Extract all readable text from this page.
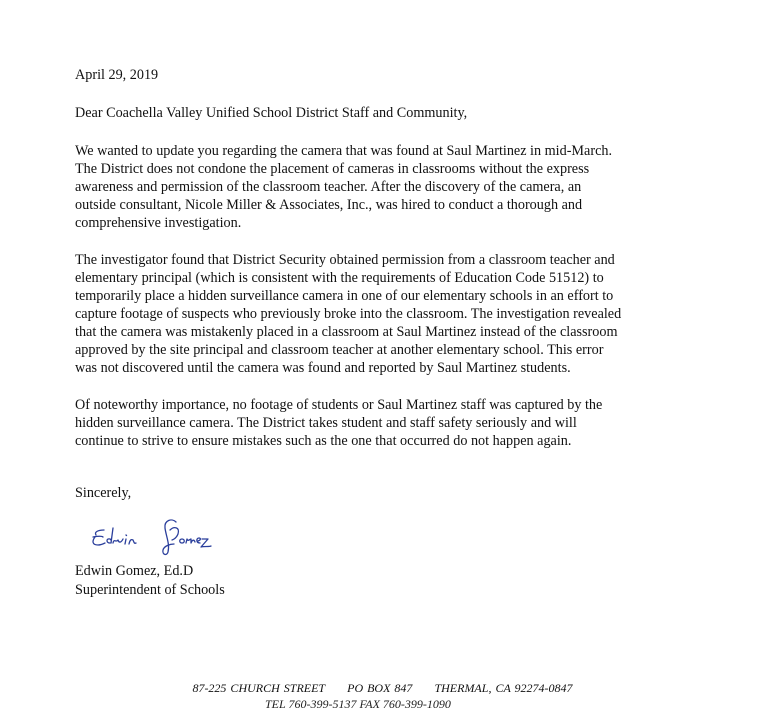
April 29, 2019
Dear Coachella Valley Unified School District Staff and Community,
We wanted to update you regarding the camera that was found at Saul Martinez in mid-March.
The District does not condone the placement of cameras in classrooms without the express
awareness and permission of the classroom teacher. After the discovery of the camera, an
outside consultant, Nicole Miller & Associates, Inc., was hired to conduct a thorough and
comprehensive investigation.
The investigator found that District Security obtained permission from a classroom teacher and
elementary principal (which is consistent with the requirements of Education Code 51512) to
temporarily place a hidden surveillance camera in one of our elementary schools in an effort to
capture footage of suspects who previously broke into the classroom. The investigation revealed
that the camera was mistakenly placed in a classroom at Saul Martinez instead of the classroom
approved by the site principal and classroom teacher at another elementary school. This error
was not discovered until the camera was found and reported by Saul Martinez students.
Of noteworthy importance, no footage of students or Saul Martinez staff was captured by the
hidden surveillance camera. The District takes student and staff safety seriously and will
continue to strive to ensure mistakes such as the one that occurred do not happen again.
Sincerely,
Edwin Gomez, Ed.D
Superintendent of Schools
87-225 CHURCH STREET PO BOX 847 THERMAL, CA 92274-0847
TEL 760-399-5137 FAX 760-399-1090
